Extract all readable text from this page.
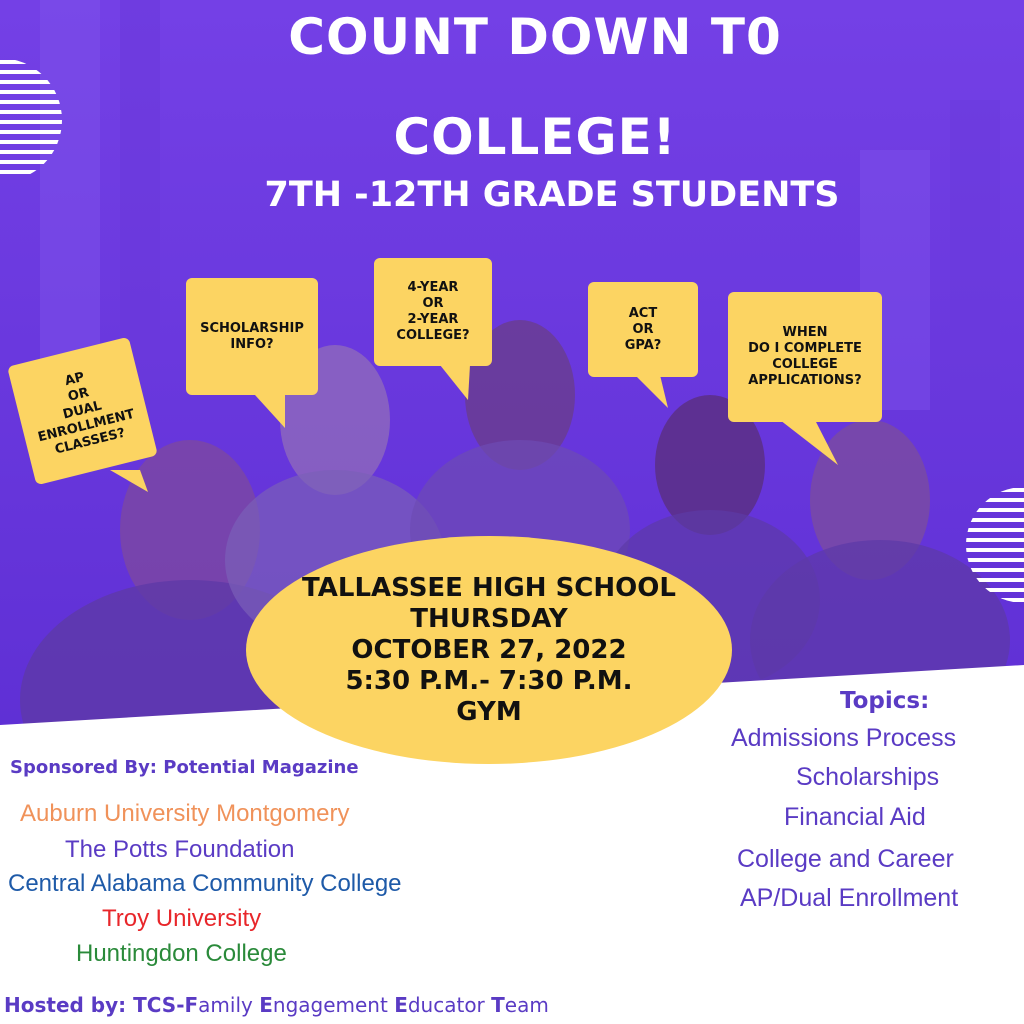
COUNT DOWN T0
COLLEGE!
7TH -12TH GRADE STUDENTS
AP
OR
DUAL
ENROLLMENT
CLASSES?
SCHOLARSHIP
INFO?
4-YEAR
OR
2-YEAR
COLLEGE?
ACT
OR
GPA?
WHEN
DO I COMPLETE
COLLEGE
APPLICATIONS?
TALLASSEE HIGH SCHOOL
THURSDAY
OCTOBER 27, 2022
5:30 P.M.- 7:30 P.M.
GYM
Sponsored By: Potential Magazine
Auburn University Montgomery
The Potts Foundation
Central Alabama Community College
Troy University
Huntingdon College
Topics:
Admissions Process
Scholarships
Financial Aid
College and Career
AP/Dual Enrollment
Hosted by: TCS-Family Engagement Educator Team
